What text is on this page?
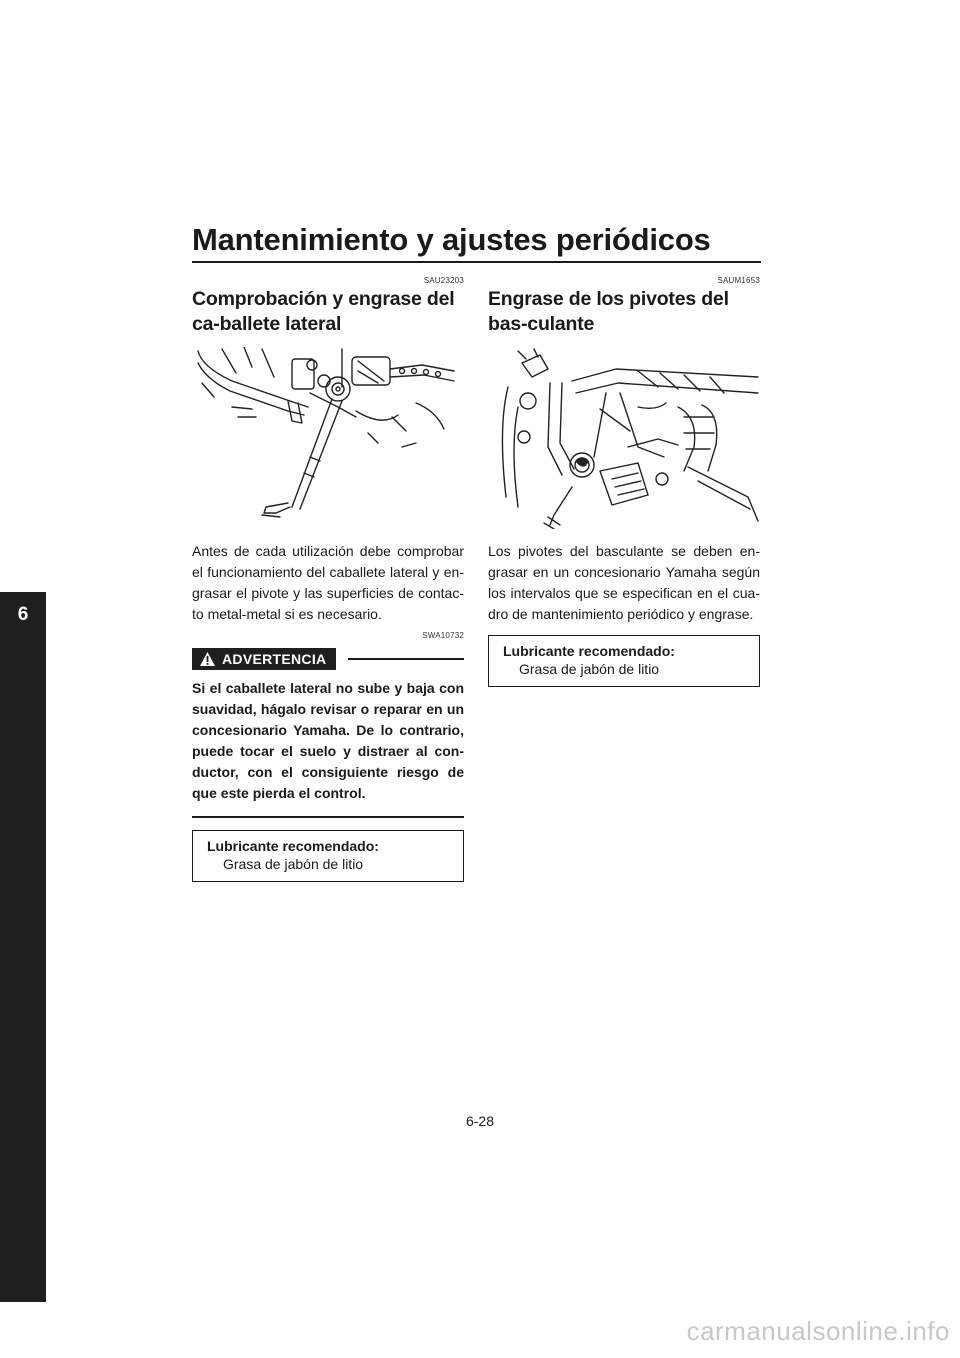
Mantenimiento y ajustes periódicos
6
SAU23203
Comprobación y engrase del ca-ballete lateral

Antes de cada utilización debe comprobar el funcionamiento del caballete lateral y en-grasar el pivote y las superficies de contac-to metal-metal si es necesario.

SWA10732
ADVERTENCIA

Si el caballete lateral no sube y baja con suavidad, hágalo revisar o reparar en un concesionario Yamaha. De lo contrario, puede tocar el suelo y distraer al con-ductor, con el consiguiente riesgo de que este pierda el control.

Lubricante recomendado:
Grasa de jabón de litio
SAUM1653
Engrase de los pivotes del bas-culante

Los pivotes del basculante se deben en-grasar en un concesionario Yamaha según los intervalos que se especifican en el cua-dro de mantenimiento periódico y engrase.

Lubricante recomendado:
Grasa de jabón de litio
6-28
carmanualsonline.info
